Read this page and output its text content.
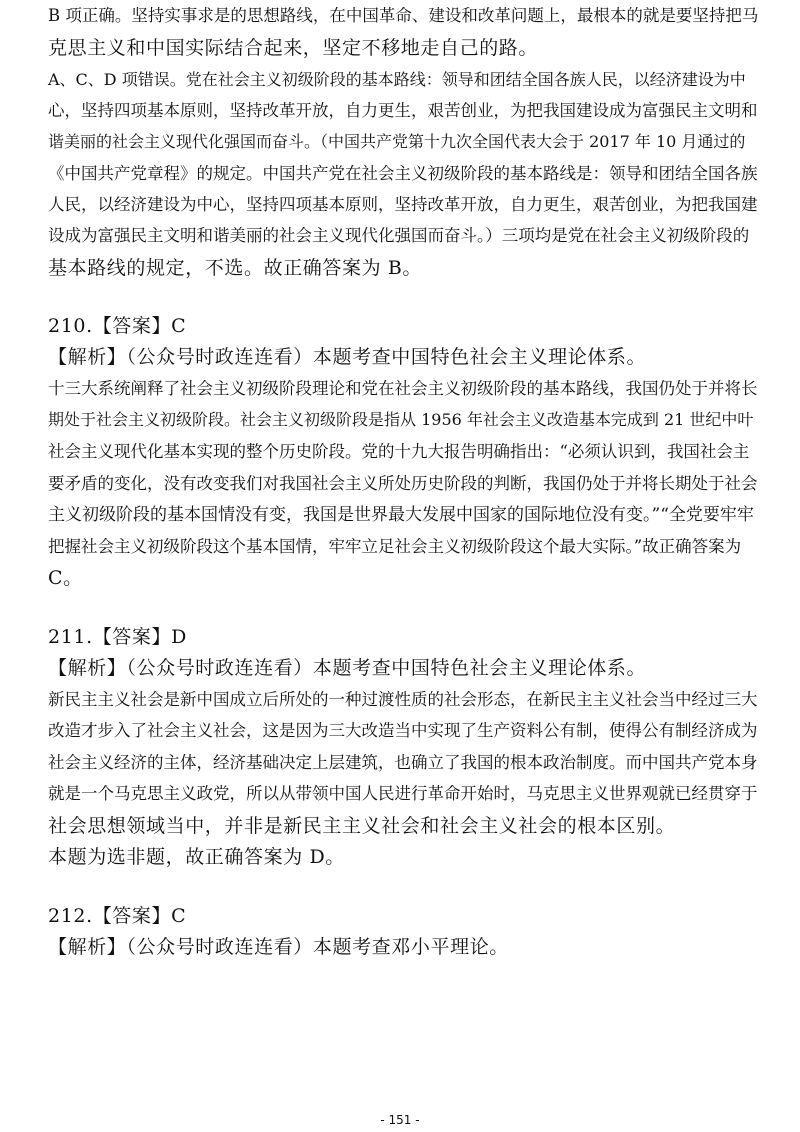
B 项正确。坚持实事求是的思想路线，在中国革命、建设和改革问题上，最根本的就是要坚持把马
克思主义和中国实际结合起来，坚定不移地走自己的路。
A、C、D 项错误。党在社会主义初级阶段的基本路线：领导和团结全国各族人民，以经济建设为中
心，坚持四项基本原则，坚持改革开放，自力更生，艰苦创业，为把我国建设成为富强民主文明和
谐美丽的社会主义现代化强国而奋斗。（中国共产党第十九次全国代表大会于 2017 年 10 月通过的
《中国共产党章程》的规定。中国共产党在社会主义初级阶段的基本路线是：领导和团结全国各族
人民，以经济建设为中心，坚持四项基本原则，坚持改革开放，自力更生，艰苦创业，为把我国建
设成为富强民主文明和谐美丽的社会主义现代化强国而奋斗。）三项均是党在社会主义初级阶段的
基本路线的规定，不选。故正确答案为 B。
210.【答案】C
【解析】（公众号时政连连看）本题考查中国特色社会主义理论体系。
十三大系统阐释了社会主义初级阶段理论和党在社会主义初级阶段的基本路线，我国仍处于并将长
期处于社会主义初级阶段。社会主义初级阶段是指从 1956 年社会主义改造基本完成到 21 世纪中叶
社会主义现代化基本实现的整个历史阶段。党的十九大报告明确指出：“必须认识到，我国社会主
要矛盾的变化，没有改变我们对我国社会主义所处历史阶段的判断，我国仍处于并将长期处于社会
主义初级阶段的基本国情没有变，我国是世界最大发展中国家的国际地位没有变。”“全党要牢牢
把握社会主义初级阶段这个基本国情，牢牢立足社会主义初级阶段这个最大实际。”故正确答案为
C。
211.【答案】D
【解析】（公众号时政连连看）本题考查中国特色社会主义理论体系。
新民主主义社会是新中国成立后所处的一种过渡性质的社会形态，在新民主主义社会当中经过三大
改造才步入了社会主义社会，这是因为三大改造当中实现了生产资料公有制，使得公有制经济成为
社会主义经济的主体，经济基础决定上层建筑，也确立了我国的根本政治制度。而中国共产党本身
就是一个马克思主义政党，所以从带领中国人民进行革命开始时，马克思主义世界观就已经贯穿于
社会思想领域当中，并非是新民主主义社会和社会主义社会的根本区别。
本题为选非题，故正确答案为 D。
212.【答案】C
【解析】（公众号时政连连看）本题考查邓小平理论。
- 151 -
